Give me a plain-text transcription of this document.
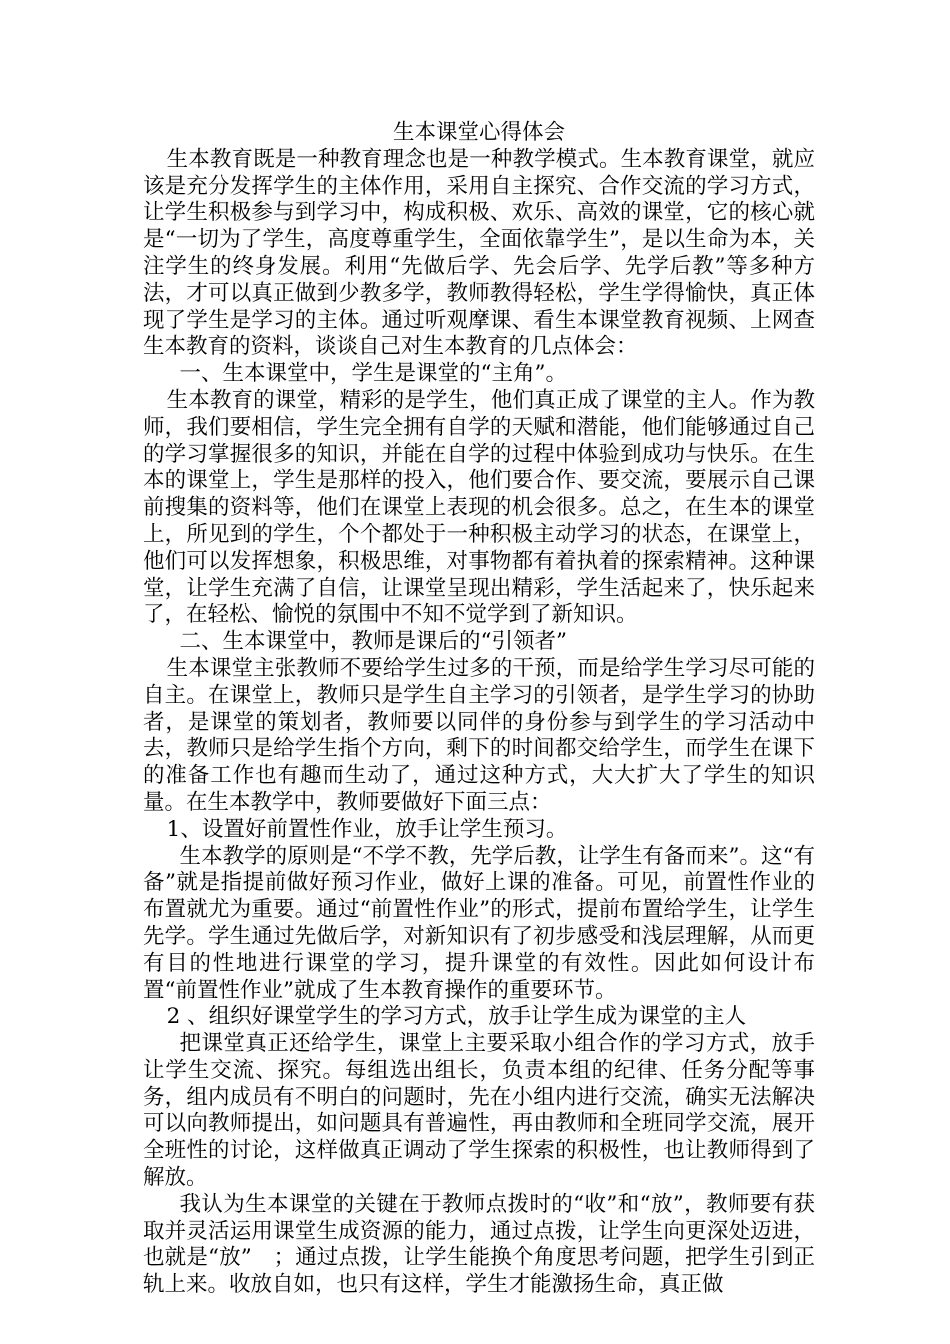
生本课堂心得体会

生本教育既是一种教育理念也是一种教学模式。生本教育课堂，就应该是充分发挥学生的主体作用，采用自主探究、合作交流的学习方式，让学生积极参与到学习中，构成积极、欢乐、高效的课堂，它的核心就是“一切为了学生，高度尊重学生，全面依靠学生”，是以生命为本，关注学生的终身发展。利用“先做后学、先会后学、先学后教”等多种方法，才可以真正做到少教多学，教师教得轻松，学生学得愉快，真正体现了学生是学习的主体。通过听观摩课、看生本课堂教育视频、上网查生本教育的资料，谈谈自己对生本教育的几点体会：

一、生本课堂中，学生是课堂的“主角”。

生本教育的课堂，精彩的是学生，他们真正成了课堂的主人。作为教师，我们要相信，学生完全拥有自学的天赋和潜能，他们能够通过自己的学习掌握很多的知识，并能在自学的过程中体验到成功与快乐。在生本的课堂上，学生是那样的投入，他们要合作、要交流，要展示自己课前搜集的资料等，他们在课堂上表现的机会很多。总之，在生本的课堂上，所见到的学生，个个都处于一种积极主动学习的状态，在课堂上，他们可以发挥想象，积极思维，对事物都有着执着的探索精神。这种课堂，让学生充满了自信，让课堂呈现出精彩，学生活起来了，快乐起来了，在轻松、愉悦的氛围中不知不觉学到了新知识。

二、生本课堂中，教师是课后的“引领者”

生本课堂主张教师不要给学生过多的干预，而是给学生学习尽可能的自主。在课堂上，教师只是学生自主学习的引领者，是学生学习的协助者，是课堂的策划者，教师要以同伴的身份参与到学生的学习活动中去，教师只是给学生指个方向，剩下的时间都交给学生，而学生在课下的准备工作也有趣而生动了，通过这种方式，大大扩大了学生的知识量。在生本教学中，教师要做好下面三点：

1、设置好前置性作业，放手让学生预习。

生本教学的原则是“不学不教，先学后教，让学生有备而来”。这“有备”就是指提前做好预习作业，做好上课的准备。可见，前置性作业的布置就尤为重要。通过“前置性作业”的形式，提前布置给学生，让学生先学。学生通过先做后学，对新知识有了初步感受和浅层理解，从而更有目的性地进行课堂的学习，提升课堂的有效性。因此如何设计布置“前置性作业”就成了生本教育操作的重要环节。

2 、组织好课堂学生的学习方式，放手让学生成为课堂的主人

把课堂真正还给学生，课堂上主要采取小组合作的学习方式，放手让学生交流、探究。每组选出组长，负责本组的纪律、任务分配等事务，组内成员有不明白的问题时，先在小组内进行交流，确实无法解决可以向教师提出，如问题具有普遍性，再由教师和全班同学交流，展开全班性的讨论，这样做真正调动了学生探索的积极性，也让教师得到了解放。

我认为生本课堂的关键在于教师点拨时的“收”和“放”，教师要有获取并灵活运用课堂生成资源的能力，通过点拨，让学生向更深处迈进，也就是“放”　；通过点拨，让学生能换个角度思考问题，把学生引到正轨上来。收放自如，也只有这样，学生才能激扬生命，真正做
